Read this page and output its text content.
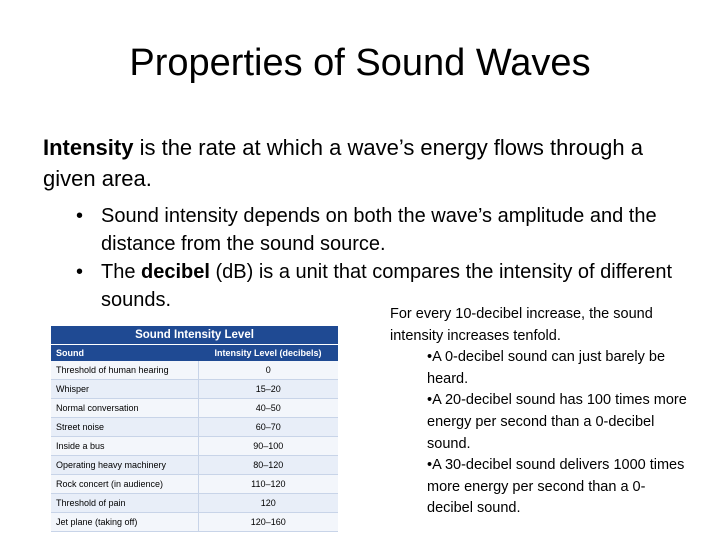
Properties of Sound Waves
Intensity is the rate at which a wave’s energy flows through a given area.
• Sound intensity depends on both the wave’s amplitude and the distance from the sound source.
• The decibel (dB) is a unit that compares the intensity of different sounds.
For every 10-decibel increase, the sound intensity increases tenfold.
•A 0-decibel sound can just barely be heard.
•A 20-decibel sound has 100 times more energy per second than a 0-decibel sound.
•A 30-decibel sound delivers 1000 times more energy per second than a 0-decibel sound.
Sound Intensity Level
Sound	Intensity Level (decibels)
Threshold of human hearing	0
Whisper	15–20
Normal conversation	40–50
Street noise	60–70
Inside a bus	90–100
Operating heavy machinery	80–120
Rock concert (in audience)	110–120
Threshold of pain	120
Jet plane (taking off)	120–160
